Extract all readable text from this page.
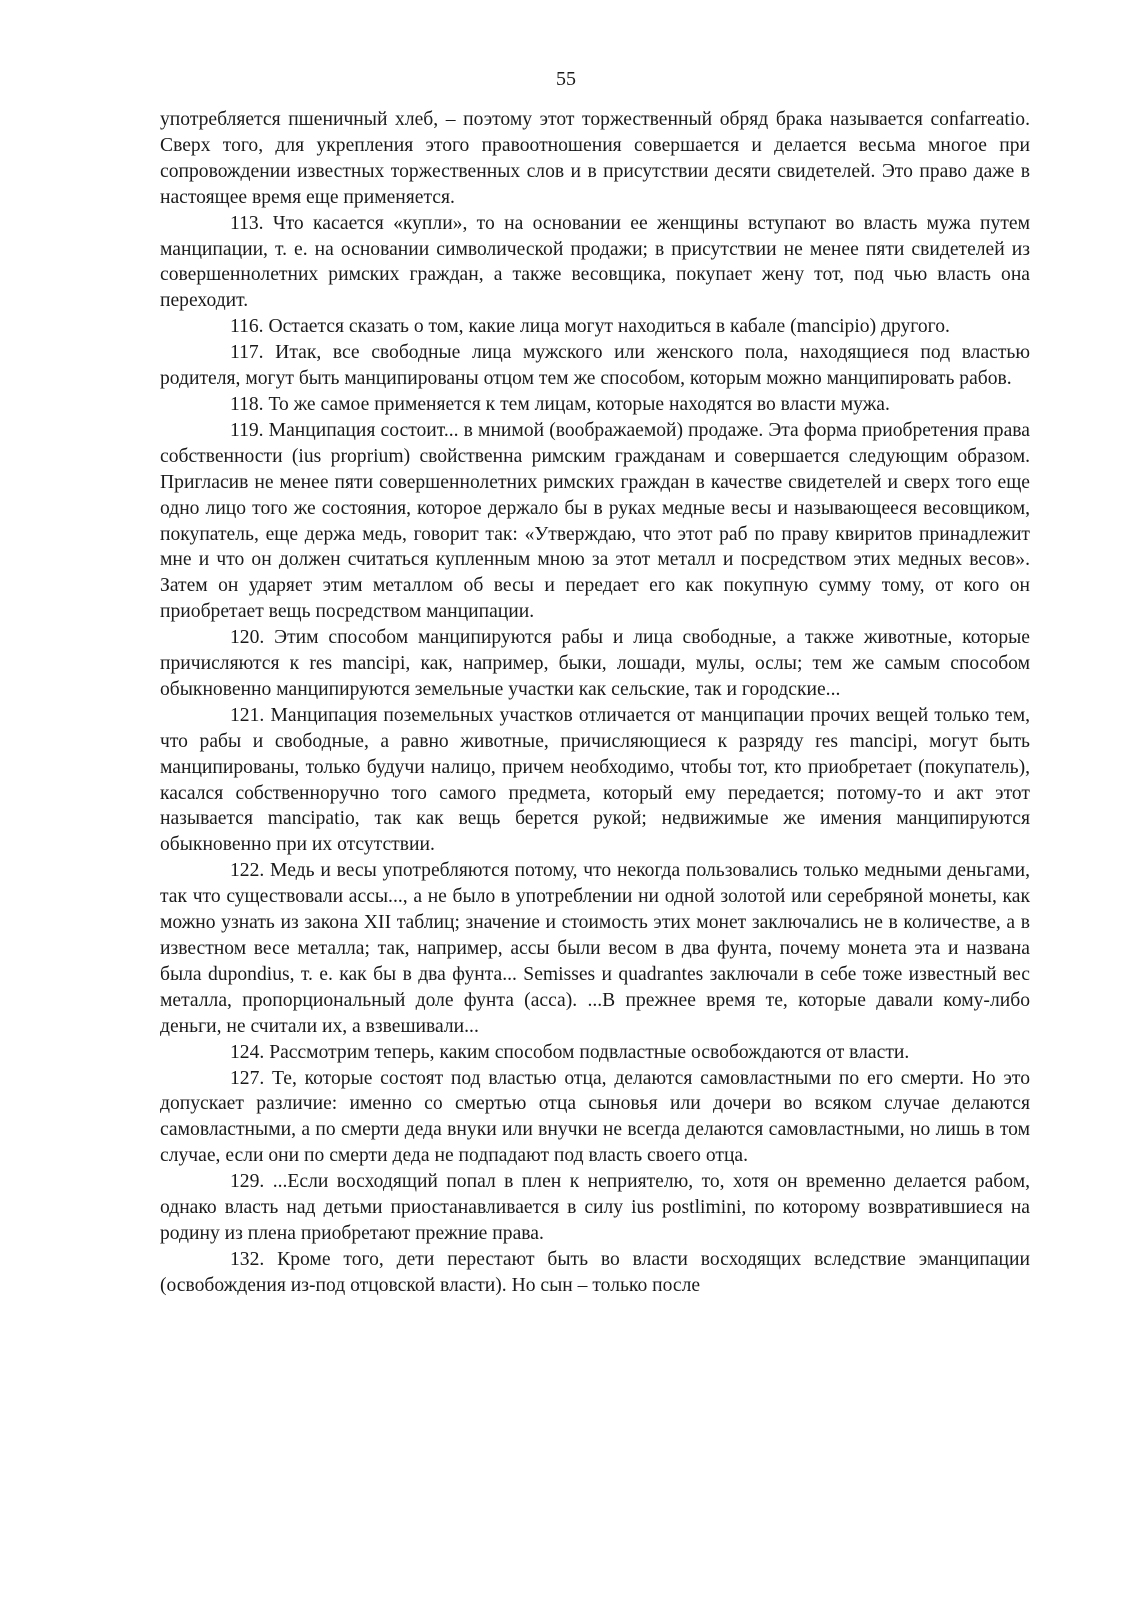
55

употребляется пшеничный хлеб, – поэтому этот торжественный обряд брака называется confarreatio. Сверх того, для укрепления этого правоотношения совершается и делается весьма многое при сопровождении известных торжественных слов и в присутствии десяти свидетелей. Это право даже в настоящее время еще применяется.

113. Что касается «купли», то на основании ее женщины вступают во власть мужа путем манципации, т. е. на основании символической продажи; в присутствии не менее пяти свидетелей из совершеннолетних римских граждан, а также весовщика, покупает жену тот, под чью власть она переходит.

116. Остается сказать о том, какие лица могут находиться в кабале (mancipio) другого.

117. Итак, все свободные лица мужского или женского пола, находящиеся под властью родителя, могут быть манципированы отцом тем же способом, которым можно манципировать рабов.

118. То же самое применяется к тем лицам, которые находятся во власти мужа.

119. Манципация состоит... в мнимой (воображаемой) продаже. Эта форма приобретения права собственности (ius proprium) свойственна римским гражданам и совершается следующим образом. Пригласив не менее пяти совершеннолетних римских граждан в качестве свидетелей и сверх того еще одно лицо того же состояния, которое держало бы в руках медные весы и называющееся весовщиком, покупатель, еще держа медь, говорит так: «Утверждаю, что этот раб по праву квиритов принадлежит мне и что он должен считаться купленным мною за этот металл и посредством этих медных весов». Затем он ударяет этим металлом об весы и передает его как покупную сумму тому, от кого он приобретает вещь посредством манципации.

120. Этим способом манципируются рабы и лица свободные, а также животные, которые причисляются к res mancipi, как, например, быки, лошади, мулы, ослы; тем же самым способом обыкновенно манципируются земельные участки как сельские, так и городские...

121. Манципация поземельных участков отличается от манципации прочих вещей только тем, что рабы и свободные, а равно животные, причисляющиеся к разряду res mancipi, могут быть манципированы, только будучи налицо, причем необходимо, чтобы тот, кто приобретает (покупатель), касался собственноручно того самого предмета, который ему передается; потому-то и акт этот называется mancipatio, так как вещь берется рукой; недвижимые же имения манципируются обыкновенно при их отсутствии.

122. Медь и весы употребляются потому, что некогда пользовались только медными деньгами, так что существовали ассы..., а не было в употреблении ни одной золотой или серебряной монеты, как можно узнать из закона XII таблиц; значение и стоимость этих монет заключались не в количестве, а в известном весе металла; так, например, ассы были весом в два фунта, почему монета эта и названа была dupondius, т. е. как бы в два фунта... Semisses и quadrantes заключали в себе тоже известный вес металла, пропорциональный доле фунта (асса). ...В прежнее время те, которые давали кому-либо деньги, не считали их, а взвешивали...

124. Рассмотрим теперь, каким способом подвластные освобождаются от власти.

127. Те, которые состоят под властью отца, делаются самовластными по его смерти. Но это допускает различие: именно со смертью отца сыновья или дочери во всяком случае делаются самовластными, а по смерти деда внуки или внучки не всегда делаются самовластными, но лишь в том случае, если они по смерти деда не подпадают под власть своего отца.

129. ...Если восходящий попал в плен к неприятелю, то, хотя он временно делается рабом, однако власть над детьми приостанавливается в силу ius postlimini, по которому возвратившиеся на родину из плена приобретают прежние права.

132. Кроме того, дети перестают быть во власти восходящих вследствие эманципации (освобождения из-под отцовской власти). Но сын – только после
